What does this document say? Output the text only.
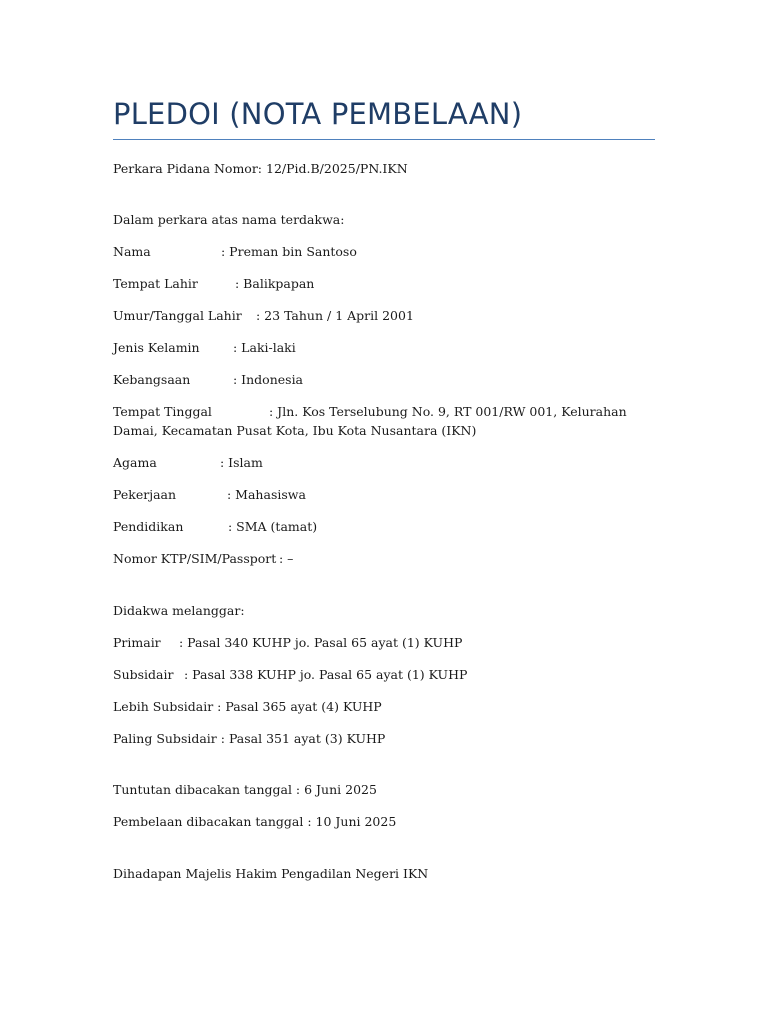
PLEDOI (NOTA PEMBELAAN)

Perkara Pidana Nomor: 12/Pid.B/2025/PN.IKN

Dalam perkara atas nama terdakwa:

Nama	: Preman bin Santoso

Tempat Lahir	: Balikpapan

Umur/Tanggal Lahir : 23 Tahun / 1 April 2001

Jenis Kelamin	: Laki-laki

Kebangsaan	: Indonesia

Tempat Tinggal	: Jln. Kos Terselubung No. 9, RT 001/RW 001, Kelurahan Damai, Kecamatan Pusat Kota, Ibu Kota Nusantara (IKN)

Agama	: Islam

Pekerjaan	: Mahasiswa

Pendidikan	: SMA (tamat)

Nomor KTP/SIM/Passport : –

Didakwa melanggar:

Primair : Pasal 340 KUHP jo. Pasal 65 ayat (1) KUHP

Subsidair : Pasal 338 KUHP jo. Pasal 65 ayat (1) KUHP

Lebih Subsidair : Pasal 365 ayat (4) KUHP

Paling Subsidair : Pasal 351 ayat (3) KUHP

Tuntutan dibacakan tanggal : 6 Juni 2025

Pembelaan dibacakan tanggal : 10 Juni 2025

Dihadapan Majelis Hakim Pengadilan Negeri IKN
